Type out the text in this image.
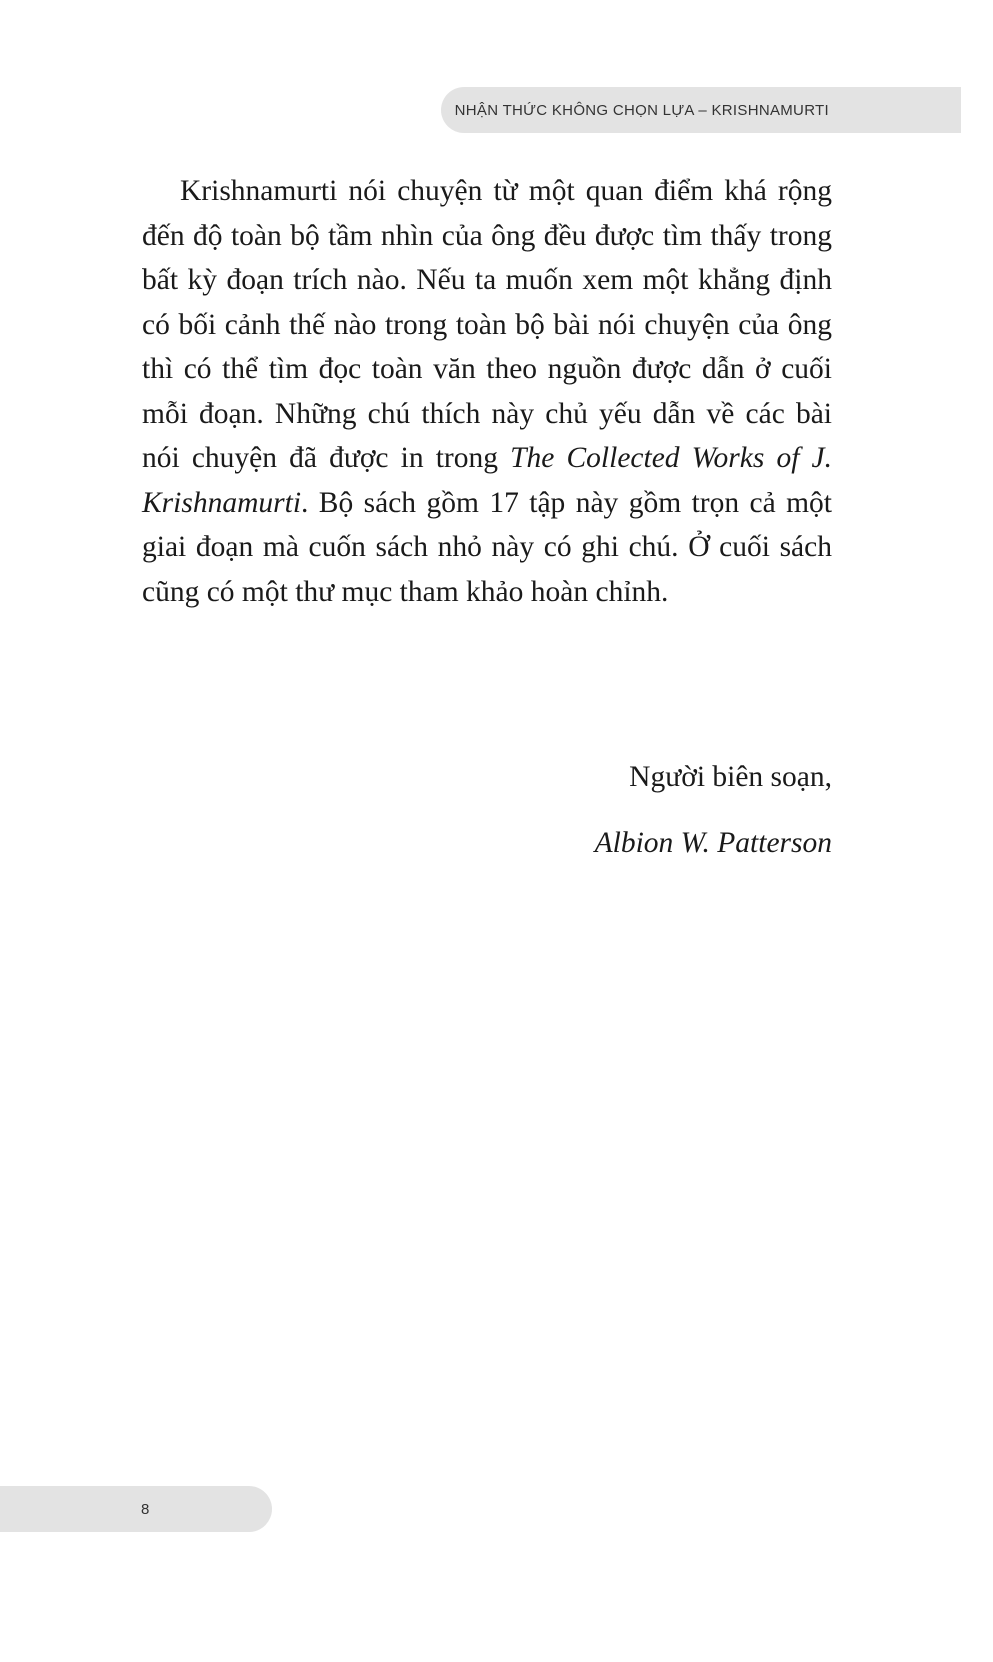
NHẬN THỨC KHÔNG CHỌN LỰA – KRISHNAMURTI

Krishnamurti nói chuyện từ một quan điểm khá rộng đến độ toàn bộ tầm nhìn của ông đều được tìm thấy trong bất kỳ đoạn trích nào. Nếu ta muốn xem một khẳng định có bối cảnh thế nào trong toàn bộ bài nói chuyện của ông thì có thể tìm đọc toàn văn theo nguồn được dẫn ở cuối mỗi đoạn. Những chú thích này chủ yếu dẫn về các bài nói chuyện đã được in trong The Collected Works of J. Krishnamurti. Bộ sách gồm 17 tập này gồm trọn cả một giai đoạn mà cuốn sách nhỏ này có ghi chú. Ở cuối sách cũng có một thư mục tham khảo hoàn chỉnh.

Người biên soạn,
Albion W. Patterson
8
